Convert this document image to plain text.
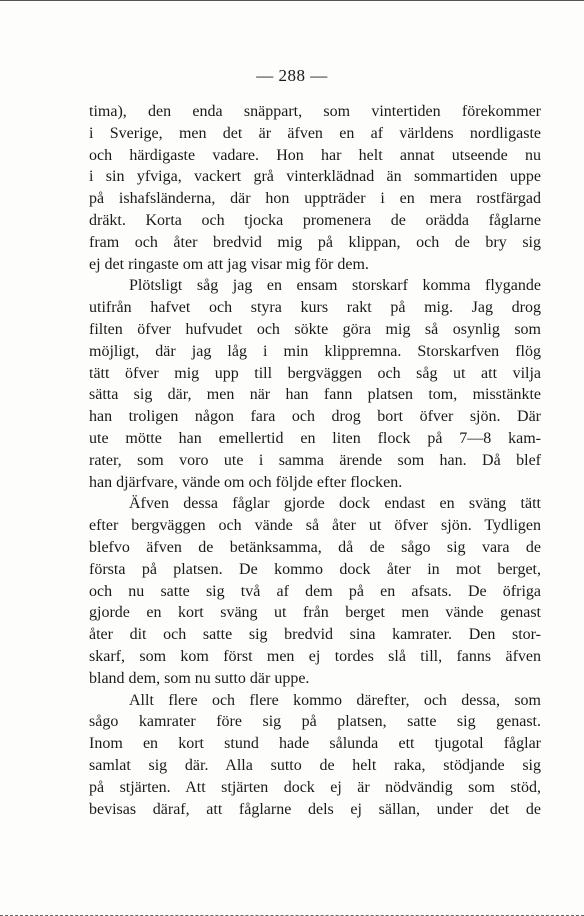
— 288 —
tima), den enda snäppart, som vintertiden förekommer
i Sverige, men det är äfven en af världens nordligaste
och härdigaste vadare. Hon har helt annat utseende nu
i sin yfviga, vackert grå vinterklädnad än sommartiden uppe
på ishafsländerna, där hon uppträder i en mera rostfärgad
dräkt. Korta och tjocka promenera de orädda fåglarne
fram och åter bredvid mig på klippan, och de bry sig
ej det ringaste om att jag visar mig för dem.
Plötsligt såg jag en ensam storskarf komma flygande
utifrån hafvet och styra kurs rakt på mig. Jag drog
filten öfver hufvudet och sökte göra mig så osynlig som
möjligt, där jag låg i min klippremna. Storskarfven flög
tätt öfver mig upp till bergväggen och såg ut att vilja
sätta sig där, men när han fann platsen tom, misstänkte
han troligen någon fara och drog bort öfver sjön. Där
ute mötte han emellertid en liten flock på 7—8 kam-
rater, som voro ute i samma ärende som han. Då blef
han djärfvare, vände om och följde efter flocken.
Äfven dessa fåglar gjorde dock endast en sväng tätt
efter bergväggen och vände så åter ut öfver sjön. Tydligen
blefvo äfven de betänksamma, då de sågo sig vara de
första på platsen. De kommo dock åter in mot berget,
och nu satte sig två af dem på en afsats. De öfriga
gjorde en kort sväng ut från berget men vände genast
åter dit och satte sig bredvid sina kamrater. Den stor-
skarf, som kom först men ej tordes slå till, fanns äfven
bland dem, som nu sutto där uppe.
Allt flere och flere kommo därefter, och dessa, som
sågo kamrater före sig på platsen, satte sig genast.
Inom en kort stund hade sålunda ett tjugotal fåglar
samlat sig där. Alla sutto de helt raka, stödjande sig
på stjärten. Att stjärten dock ej är nödvändig som stöd,
bevisas däraf, att fåglarne dels ej sällan, under det de
